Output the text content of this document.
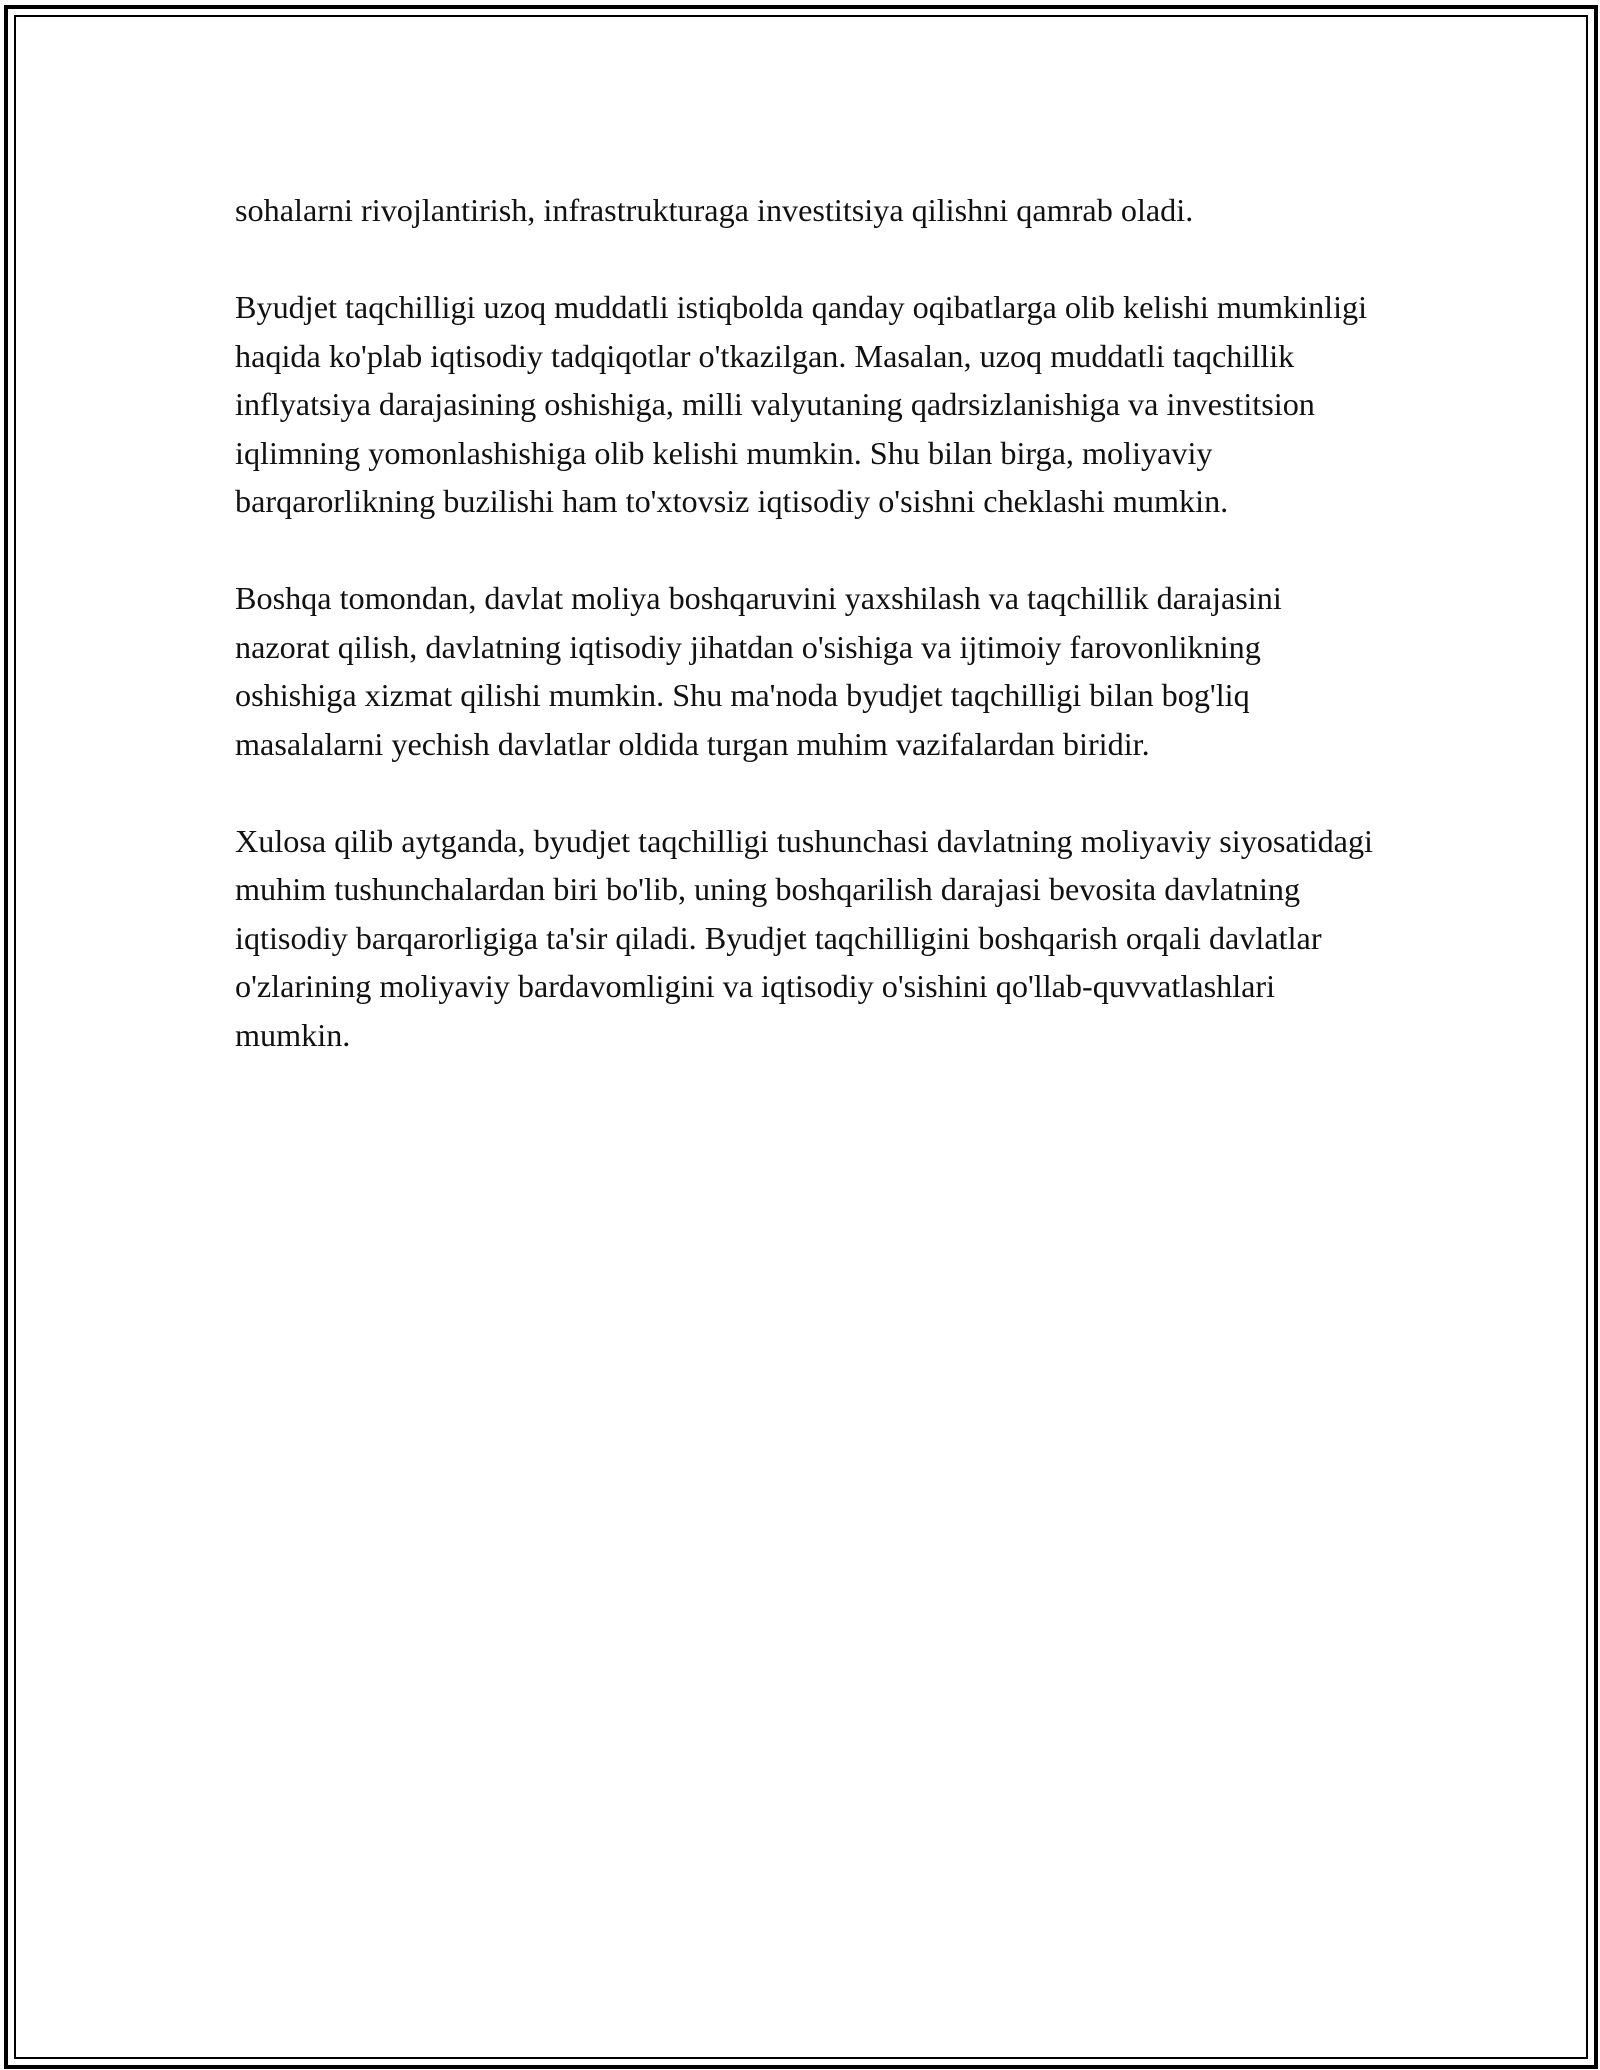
sohalarni rivojlantirish, infrastrukturaga investitsiya qilishni qamrab oladi.

Byudjet taqchilligi uzoq muddatli istiqbolda qanday oqibatlarga olib kelishi mumkinligi haqida ko'plab iqtisodiy tadqiqotlar o'tkazilgan. Masalan, uzoq muddatli taqchillik inflyatsiya darajasining oshishiga, milli valyutaning qadrsizlanishiga va investitsion iqlimning yomonlashishiga olib kelishi mumkin. Shu bilan birga, moliyaviy barqarorlikning buzilishi ham to'xtovsiz iqtisodiy o'sishni cheklashi mumkin.

Boshqa tomondan, davlat moliya boshqaruvini yaxshilash va taqchillik darajasini nazorat qilish, davlatning iqtisodiy jihatdan o'sishiga va ijtimoiy farovonlikning oshishiga xizmat qilishi mumkin. Shu ma'noda byudjet taqchilligi bilan bog'liq masalalarni yechish davlatlar oldida turgan muhim vazifalardan biridir.

Xulosa qilib aytganda, byudjet taqchilligi tushunchasi davlatning moliyaviy siyosatidagi muhim tushunchalardan biri bo'lib, uning boshqarilish darajasi bevosita davlatning iqtisodiy barqarorligiga ta'sir qiladi. Byudjet taqchilligini boshqarish orqali davlatlar o'zlarining moliyaviy bardavomligini va iqtisodiy o'sishini qo'llab-quvvatlashlari mumkin.
